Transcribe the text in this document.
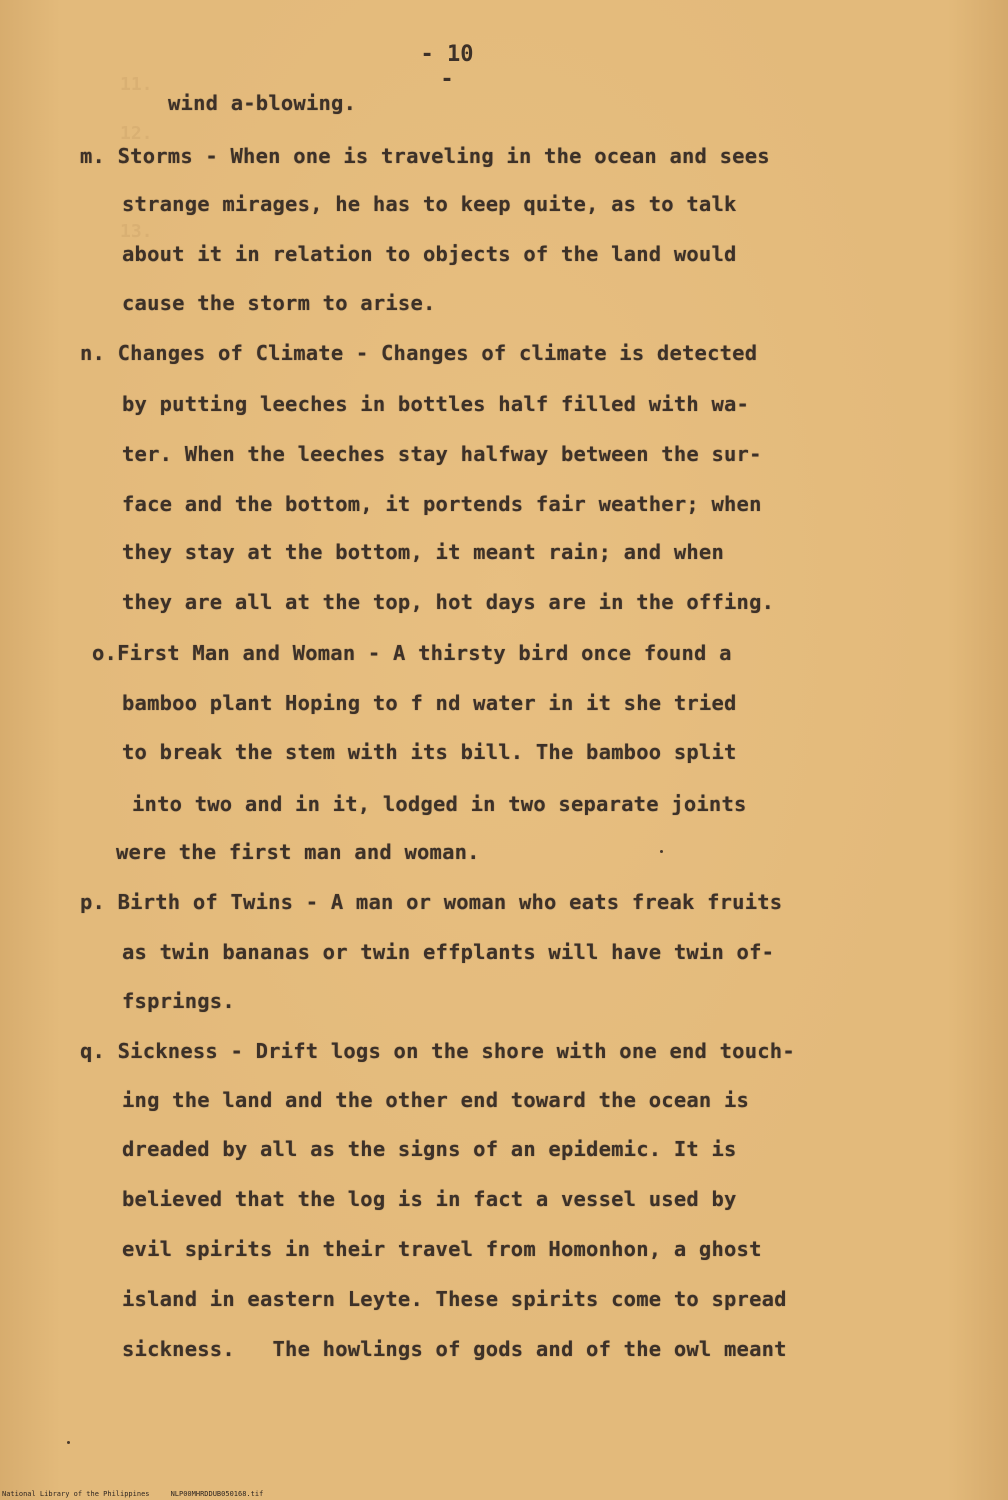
11.
12.

13.
- 10 -
wind a-blowing.
m. Storms - When one is traveling in the ocean and sees
strange mirages, he has to keep quite, as to talk
about it in relation to objects of the land would
cause the storm to arise.
n. Changes of Climate - Changes of climate is detected
by putting leeches in bottles half filled with wa-
ter. When the leeches stay halfway between the sur-
face and the bottom, it portends fair weather; when
they stay at the bottom, it meant rain; and when
they are all at the top, hot days are in the offing.
o.First Man and Woman - A thirsty bird once found a
bamboo plant Hoping to f nd water in it she tried
to break the stem with its bill. The bamboo split
into two and in it, lodged in two separate joints
were the first man and woman.
p. Birth of Twins - A man or woman who eats freak fruits
as twin bananas or twin effplants will have twin of-
fsprings.
q. Sickness - Drift logs on the shore with one end touch-
ing the land and the other end toward the ocean is
dreaded by all as the signs of an epidemic. It is
believed that the log is in fact a vessel used by
evil spirits in their travel from Homonhon, a ghost
island in eastern Leyte. These spirits come to spread
sickness.   The howlings of gods and of the owl meant
National Library of the Philippines     NLP00MHRDDUB050168.tif
